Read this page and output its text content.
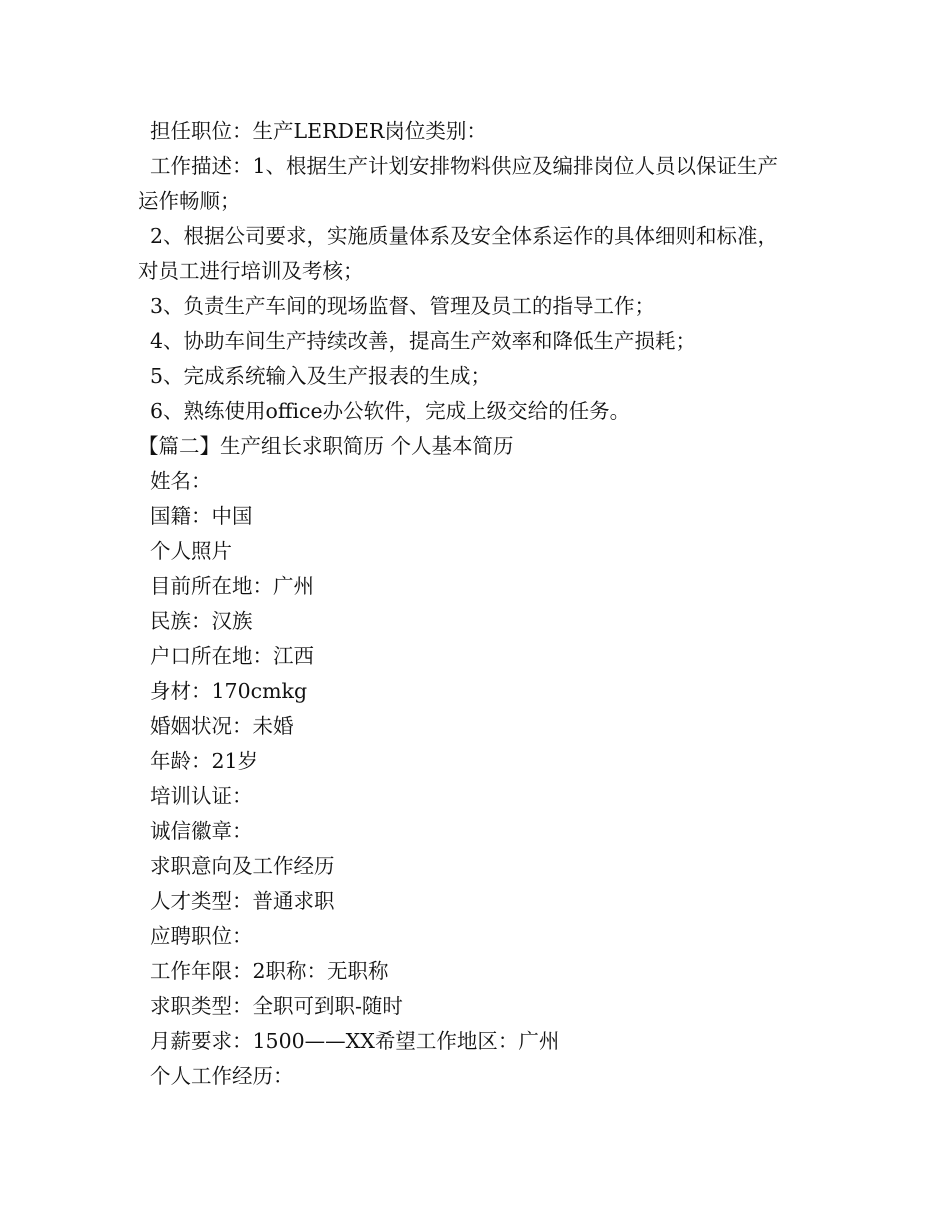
担任职位：生产LERDER岗位类别：
工作描述：1、根据生产计划安排物料供应及编排岗位人员以保证生产
运作畅顺；
2、根据公司要求，实施质量体系及安全体系运作的具体细则和标准，
对员工进行培训及考核；
3、负责生产车间的现场监督、管理及员工的指导工作；
4、协助车间生产持续改善，提高生产效率和降低生产损耗；
5、完成系统输入及生产报表的生成；
6、熟练使用office办公软件，完成上级交给的任务。
【篇二】生产组长求职简历 个人基本简历
姓名：
国籍：中国
个人照片
目前所在地：广州
民族：汉族
户口所在地：江西
身材：170cmkg
婚姻状况：未婚
年龄：21岁
培训认证：
诚信徽章：
求职意向及工作经历
人才类型：普通求职
应聘职位：
工作年限：2职称：无职称
求职类型：全职可到职-随时
月薪要求：1500——XX希望工作地区：广州
个人工作经历：
